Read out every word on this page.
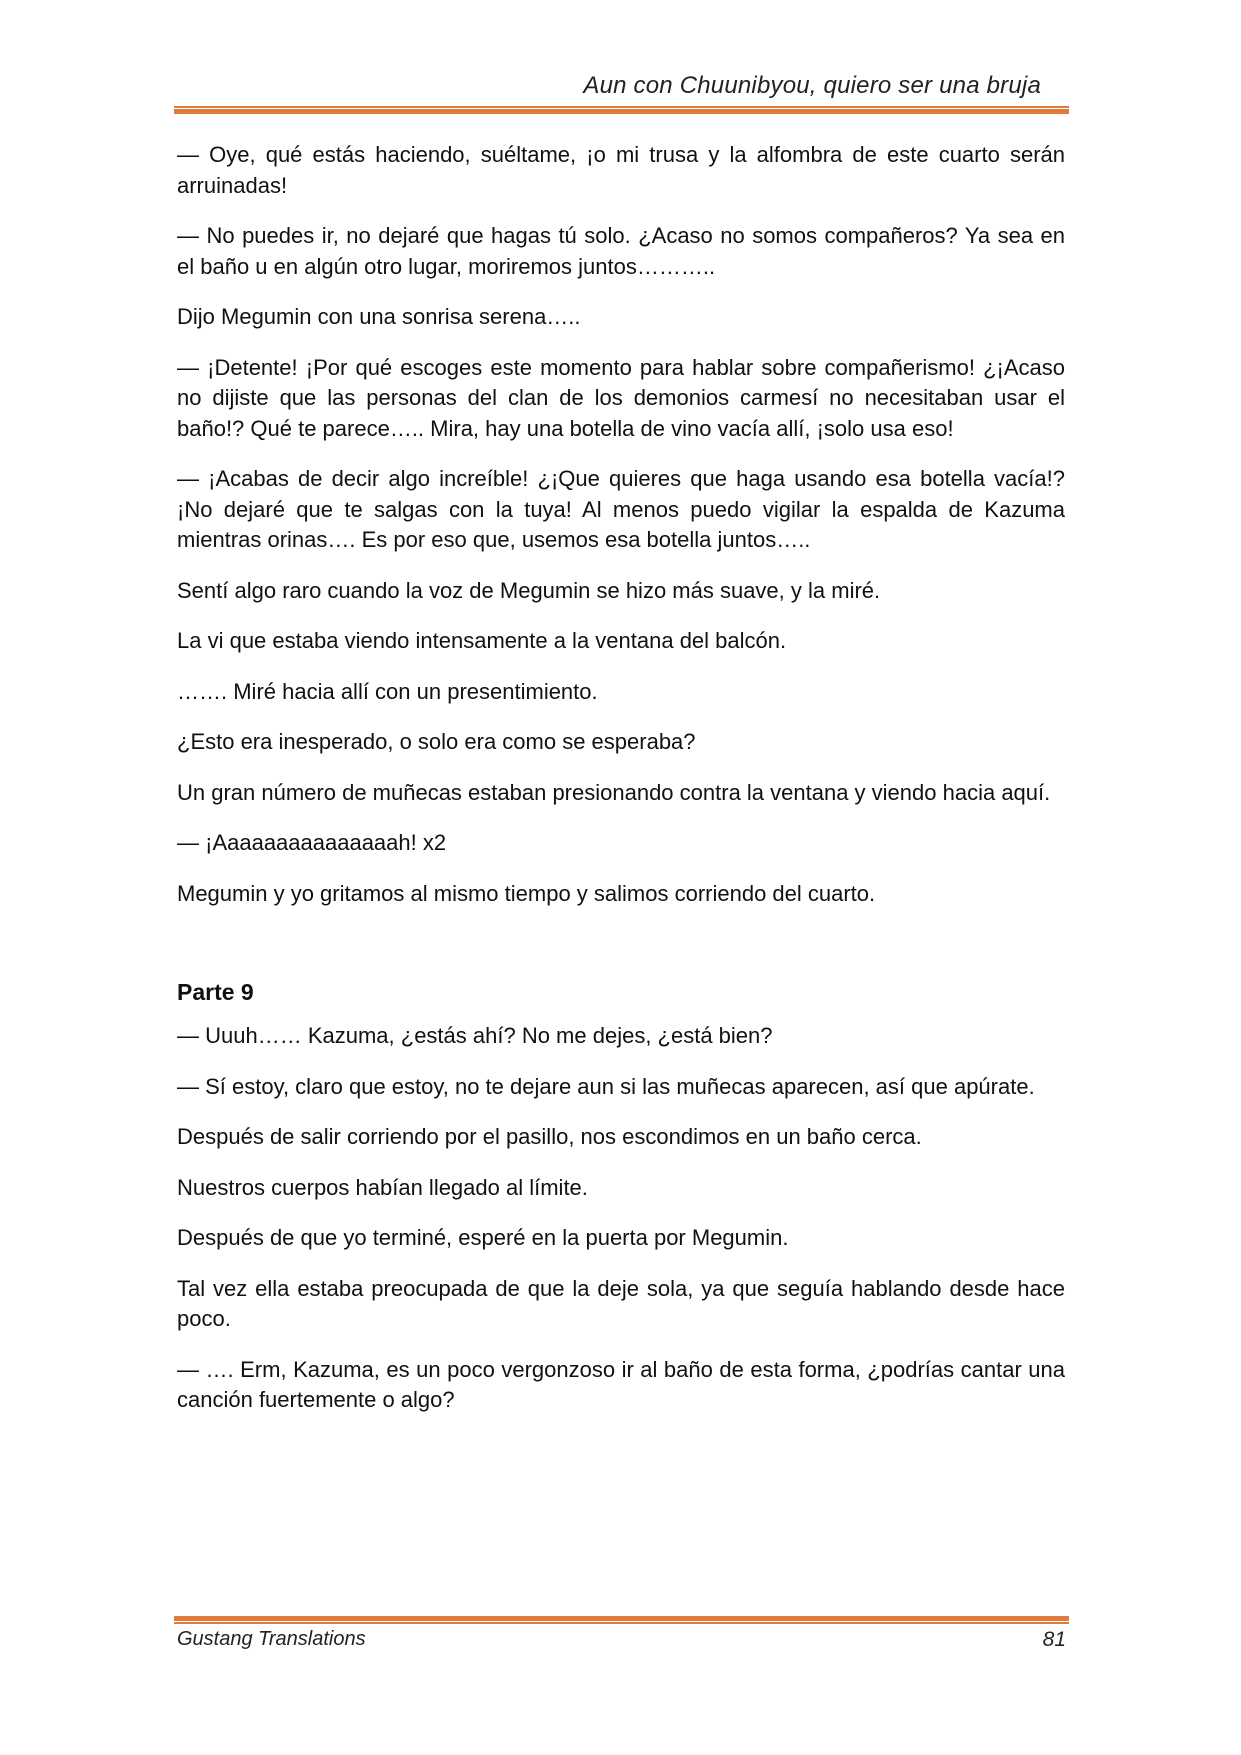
Aun con Chuunibyou, quiero ser una bruja

— Oye, qué estás haciendo, suéltame, ¡o mi trusa y la alfombra de este cuarto serán arruinadas!

— No puedes ir, no dejaré que hagas tú solo. ¿Acaso no somos compañeros? Ya sea en el baño u en algún otro lugar, moriremos juntos………..

Dijo Megumin con una sonrisa serena…..

— ¡Detente! ¡Por qué escoges este momento para hablar sobre compañerismo! ¿¡Acaso no dijiste que las personas del clan de los demonios carmesí no necesitaban usar el baño!? Qué te parece….. Mira, hay una botella de vino vacía allí, ¡solo usa eso!

— ¡Acabas de decir algo increíble! ¿¡Que quieres que haga usando esa botella vacía!? ¡No dejaré que te salgas con la tuya! Al menos puedo vigilar la espalda de Kazuma mientras orinas…. Es por eso que, usemos esa botella juntos…..

Sentí algo raro cuando la voz de Megumin se hizo más suave, y la miré.

La vi que estaba viendo intensamente a la ventana del balcón.

……. Miré hacia allí con un presentimiento.

¿Esto era inesperado, o solo era como se esperaba?

Un gran número de muñecas estaban presionando contra la ventana y viendo hacia aquí.

— ¡Aaaaaaaaaaaaaaah! x2

Megumin y yo gritamos al mismo tiempo y salimos corriendo del cuarto.

Parte 9

— Uuuh…… Kazuma, ¿estás ahí? No me dejes, ¿está bien?

— Sí estoy, claro que estoy, no te dejare aun si las muñecas aparecen, así que apúrate.

Después de salir corriendo por el pasillo, nos escondimos en un baño cerca.

Nuestros cuerpos habían llegado al límite.

Después de que yo terminé, esperé en la puerta por Megumin.

Tal vez ella estaba preocupada de que la deje sola, ya que seguía hablando desde hace poco.

— …. Erm, Kazuma, es un poco vergonzoso ir al baño de esta forma, ¿podrías cantar una canción fuertemente o algo?

Gustang Translations	81
